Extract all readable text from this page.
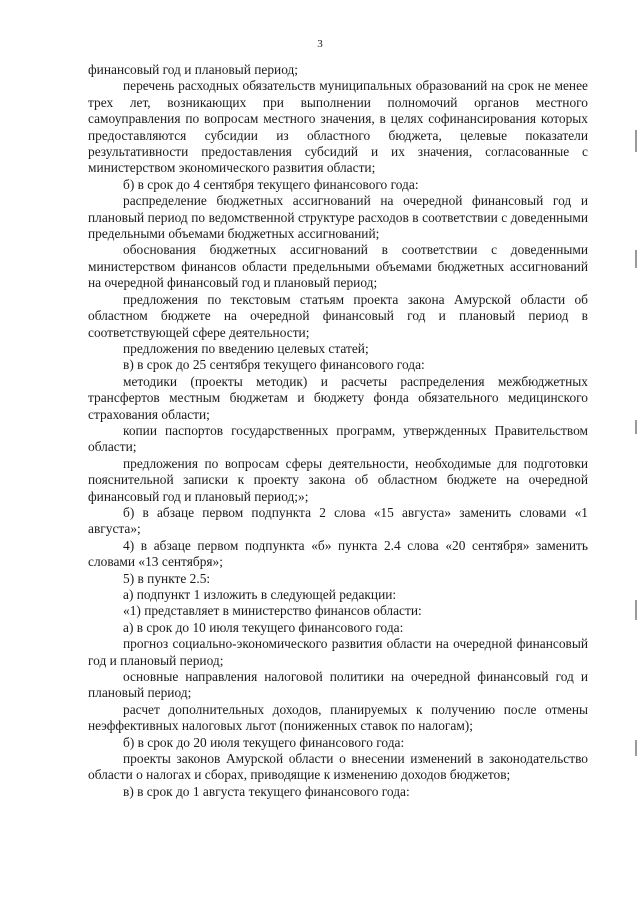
3

финансовый год и плановый период;

перечень расходных обязательств муниципальных образований на срок не менее трех лет, возникающих при выполнении полномочий органов местного самоуправления по вопросам местного значения, в целях софинансирования которых предоставляются субсидии из областного бюджета, целевые показатели результативности предоставления субсидий и их значения, согласованные с министерством экономического развития области;

б) в срок до 4 сентября текущего финансового года:

распределение бюджетных ассигнований на очередной финансовый год и плановый период по ведомственной структуре расходов в соответствии с доведенными предельными объемами бюджетных ассигнований;

обоснования бюджетных ассигнований в соответствии с доведенными министерством финансов области предельными объемами бюджетных ассигнований на очередной финансовый год и плановый период;

предложения по текстовым статьям проекта закона Амурской области об областном бюджете на очередной финансовый год и плановый период в соответствующей сфере деятельности;

предложения по введению целевых статей;

в) в срок до 25 сентября текущего финансового года:

методики (проекты методик) и расчеты распределения межбюджетных трансфертов местным бюджетам и бюджету фонда обязательного медицинского страхования области;

копии паспортов государственных программ, утвержденных Правительством области;

предложения по вопросам сферы деятельности, необходимые для подготовки пояснительной записки к проекту закона об областном бюджете на очередной финансовый год и плановый период;»;

б) в абзаце первом подпункта 2 слова «15 августа» заменить словами «1 августа»;

4) в абзаце первом подпункта «б» пункта 2.4 слова «20 сентября» заменить словами «13 сентября»;

5) в пункте 2.5:

а) подпункт 1 изложить в следующей редакции:

«1) представляет в министерство финансов области:

а) в срок до 10 июля текущего финансового года:

прогноз социально-экономического развития области на очередной финансовый год и плановый период;

основные направления налоговой политики на очередной финансовый год и плановый период;

расчет дополнительных доходов, планируемых к получению после отмены неэффективных налоговых льгот (пониженных ставок по налогам);

б) в срок до 20 июля текущего финансового года:

проекты законов Амурской области о внесении изменений в законодательство области о налогах и сборах, приводящие к изменению доходов бюджетов;

в) в срок до 1 августа текущего финансового года:
